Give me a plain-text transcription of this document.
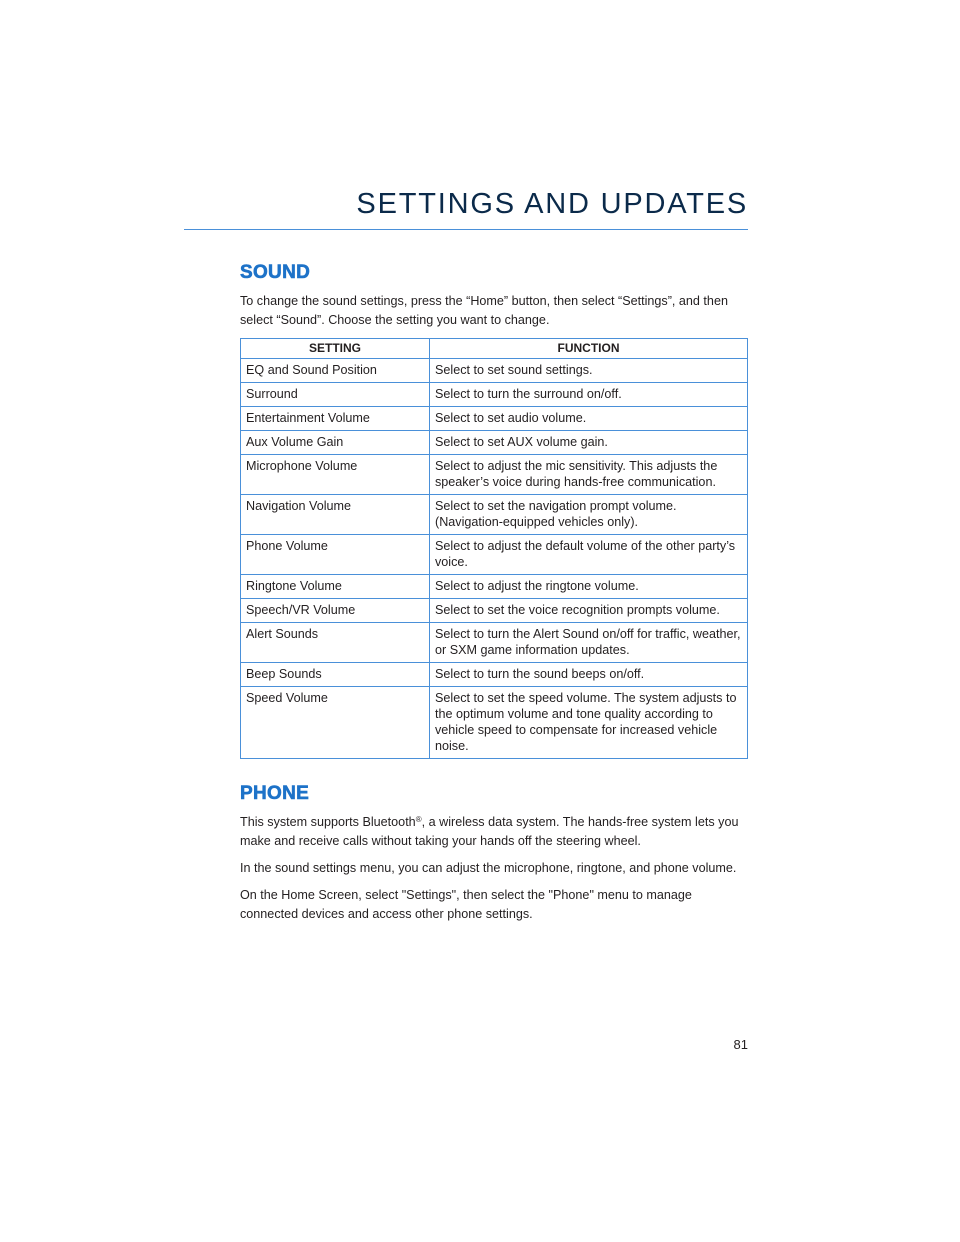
SETTINGS AND UPDATES
SOUND

To change the sound settings, press the “Home” button, then select “Settings”, and then select “Sound”. Choose the setting you want to change.

SETTING	FUNCTION
EQ and Sound Position	Select to set sound settings.
Surround	Select to turn the surround on/off.
Entertainment Volume	Select to set audio volume.
Aux Volume Gain	Select to set AUX volume gain.
Microphone Volume	Select to adjust the mic sensitivity. This adjusts the speaker’s voice during hands-free communication.
Navigation Volume	Select to set the navigation prompt volume. (Navigation-equipped vehicles only).
Phone Volume	Select to adjust the default volume of the other party’s voice.
Ringtone Volume	Select to adjust the ringtone volume.
Speech/VR Volume	Select to set the voice recognition prompts volume.
Alert Sounds	Select to turn the Alert Sound on/off for traffic, weather, or SXM game information updates.
Beep Sounds	Select to turn the sound beeps on/off.
Speed Volume	Select to set the speed volume. The system adjusts to the optimum volume and tone quality according to vehicle speed to compensate for increased vehicle noise.
PHONE

This system supports Bluetooth®, a wireless data system. The hands-free system lets you make and receive calls without taking your hands off the steering wheel.

In the sound settings menu, you can adjust the microphone, ringtone, and phone volume.

On the Home Screen, select "Settings", then select the "Phone" menu to manage connected devices and access other phone settings.

81
